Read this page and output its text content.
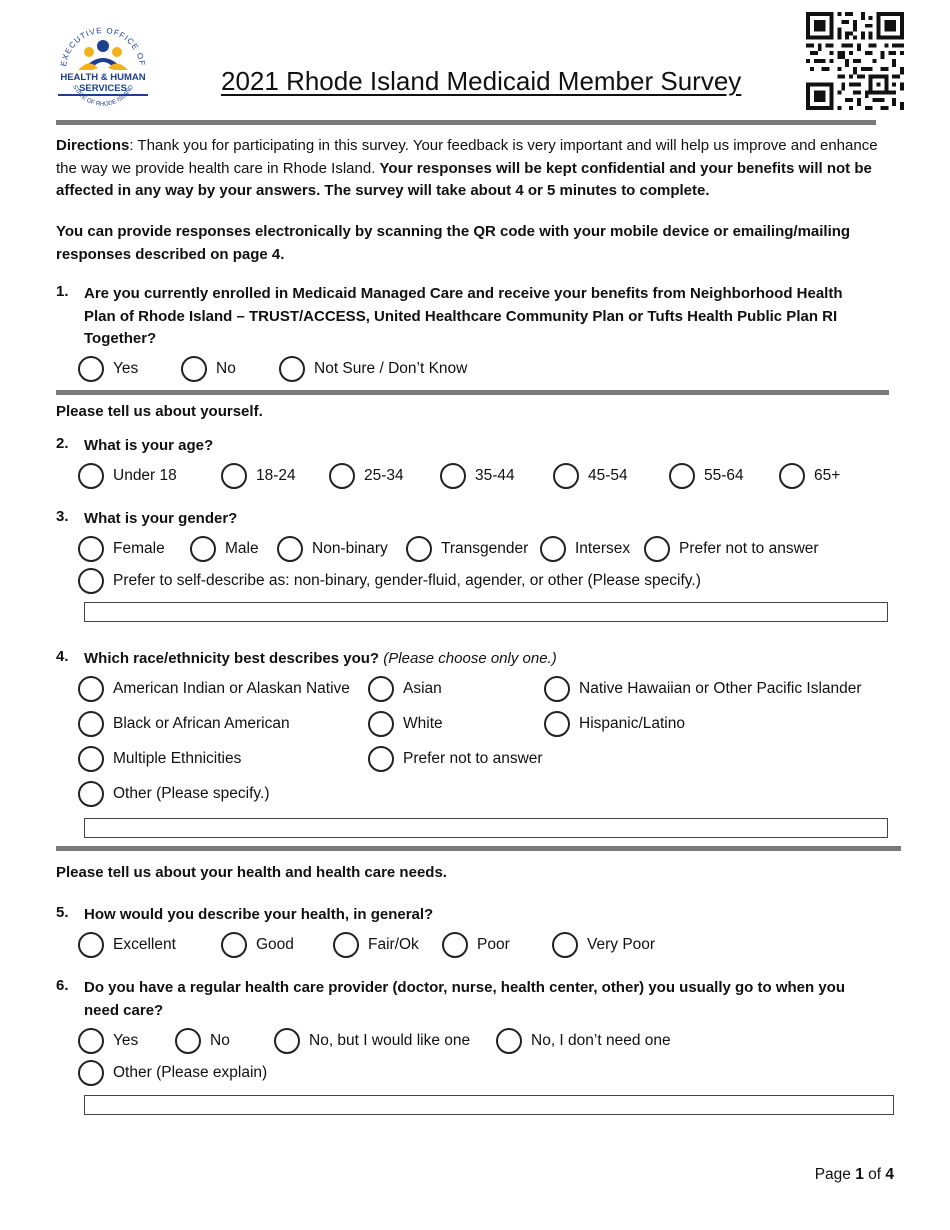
EXECUTIVE OFFICE OF
HEALTH & HUMAN
SERVICES
STATE OF RHODE ISLAND	2021 Rhode Island Medicaid Member Survey
Directions: Thank you for participating in this survey. Your feedback is very important and will help us improve and enhance the way we provide health care in Rhode Island. Your responses will be kept confidential and your benefits will not be affected in any way by your answers. The survey will take about 4 or 5 minutes to complete.
You can provide responses electronically by scanning the QR code with your mobile device or emailing/mailing responses described on page 4.
1. Are you currently enrolled in Medicaid Managed Care and receive your benefits from Neighborhood Health Plan of Rhode Island – TRUST/ACCESS, United Healthcare Community Plan or Tufts Health Public Plan RI Together?
Yes	No	Not Sure / Don’t Know
Please tell us about yourself.
2. What is your age?
Under 18	18-24	25-34	35-44	45-54	55-64	65+
3. What is your gender?
Female	Male	Non-binary	Transgender	Intersex	Prefer not to answer
Prefer to self-describe as: non-binary, gender-fluid, agender, or other (Please specify.)
4. Which race/ethnicity best describes you? (Please choose only one.)
American Indian or Alaskan Native	Asian	Native Hawaiian or Other Pacific Islander
Black or African American	White	Hispanic/Latino
Multiple Ethnicities	Prefer not to answer
Other (Please specify.)
Please tell us about your health and health care needs.
5. How would you describe your health, in general?
Excellent	Good	Fair/Ok	Poor	Very Poor
6. Do you have a regular health care provider (doctor, nurse, health center, other) you usually go to when you need care?
Yes	No	No, but I would like one	No, I don’t need one
Other (Please explain)
Page 1 of 4
